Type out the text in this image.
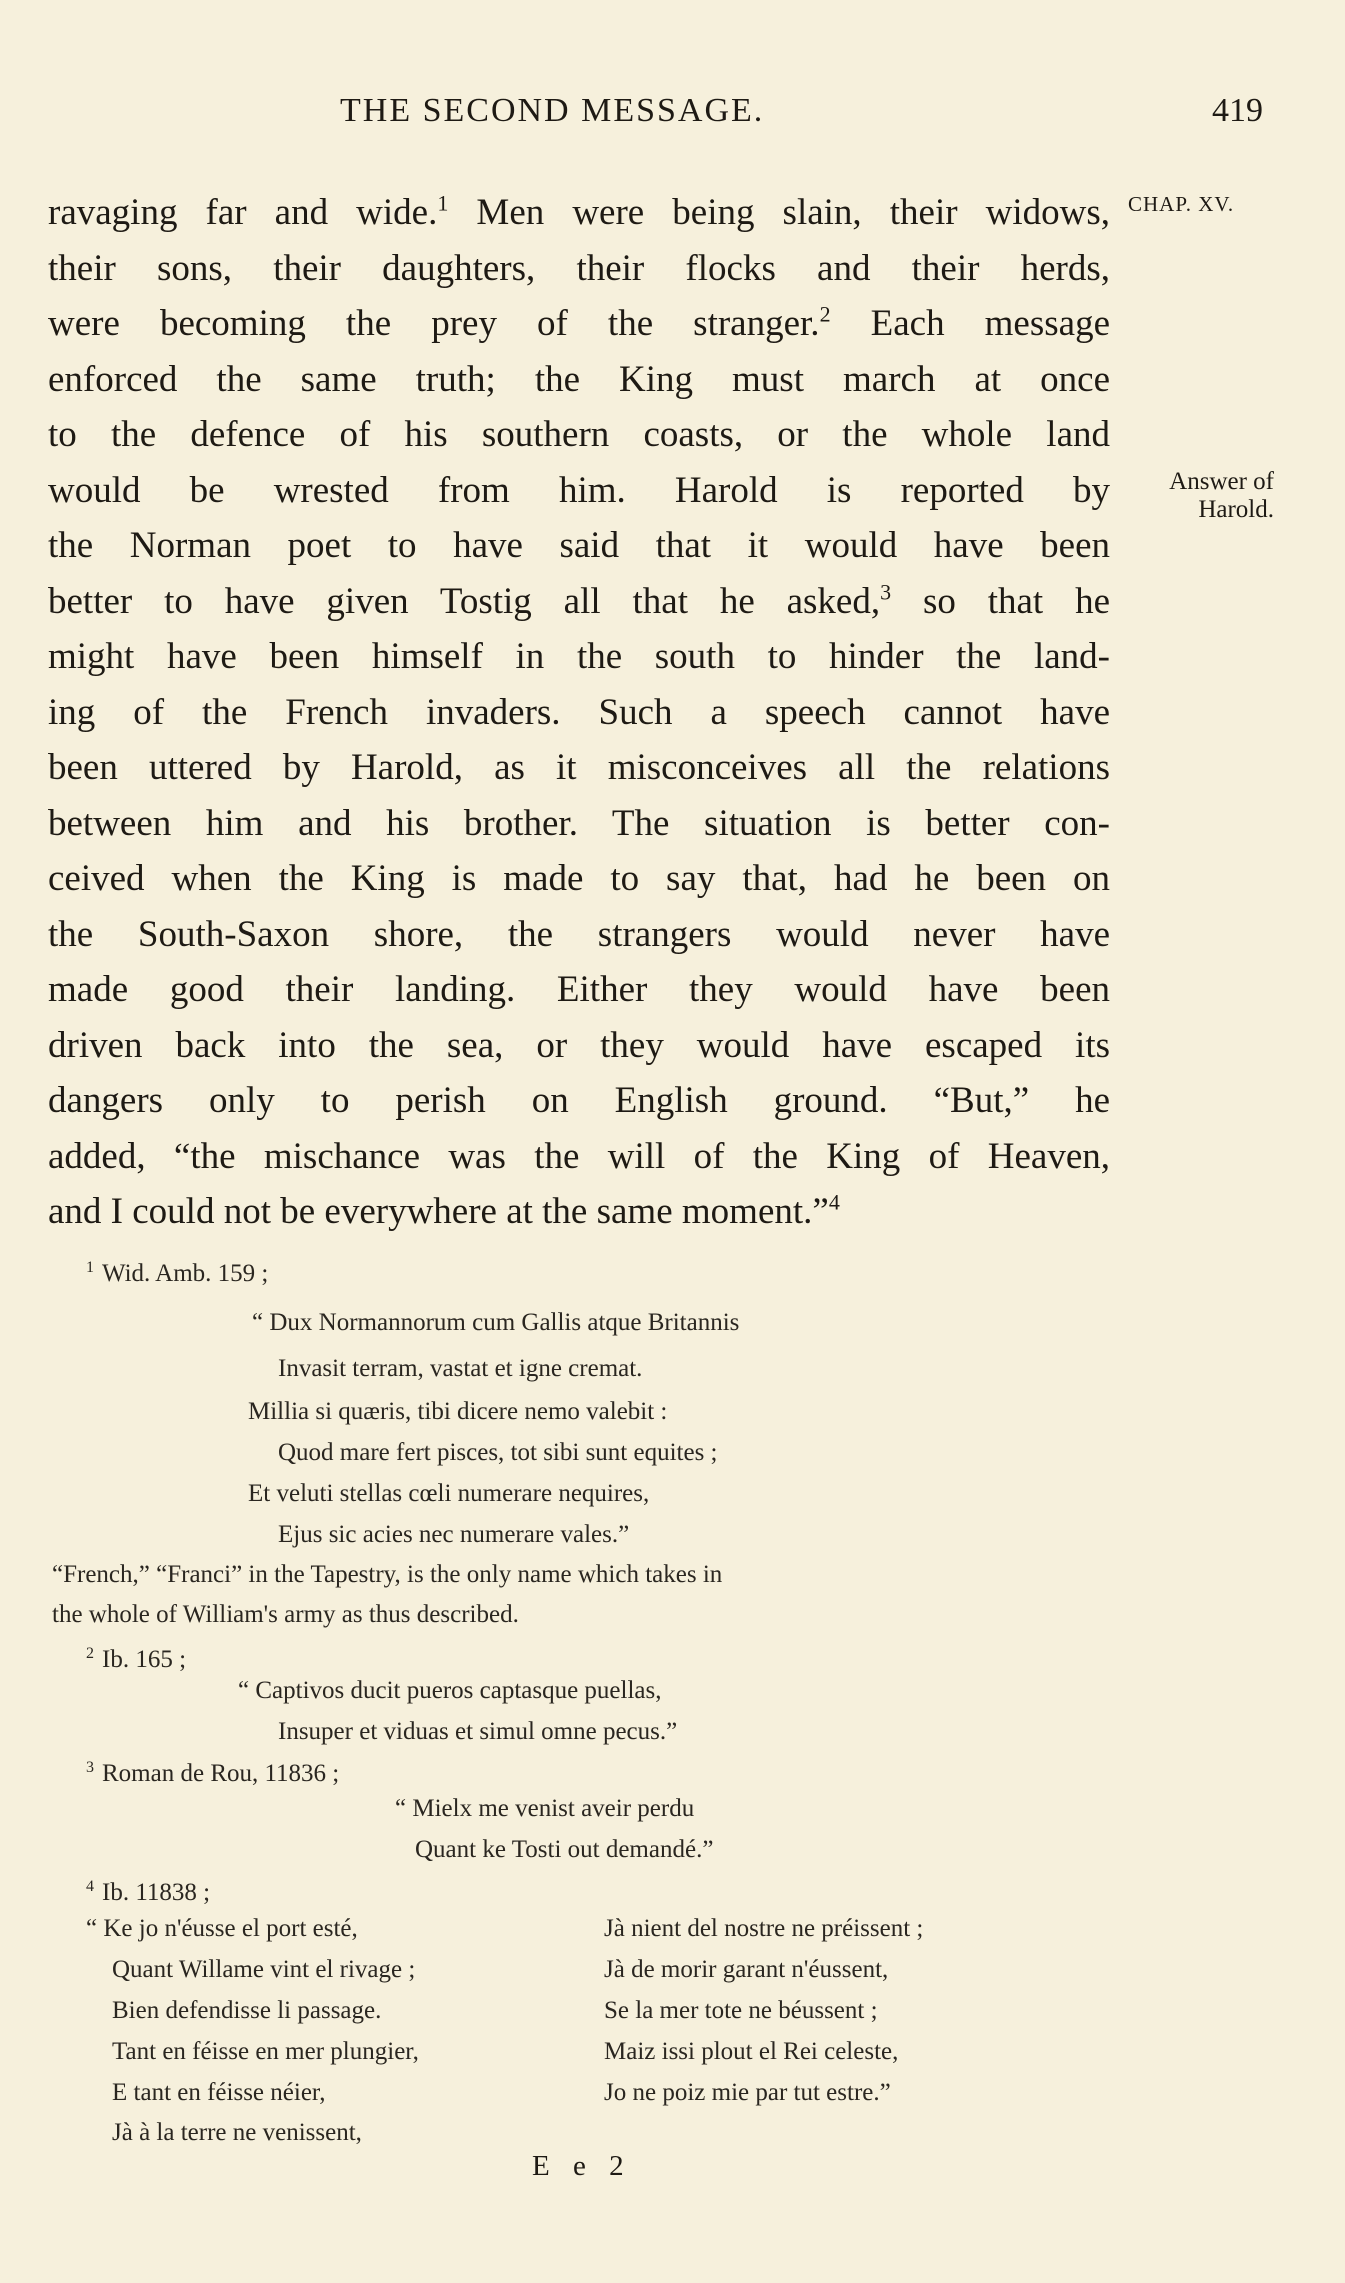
THE SECOND MESSAGE.	419
CHAP. XV.
Answer of Harold.
ravaging far and wide.$^1$ Men were being slain, their widows,
their sons, their daughters, their flocks and their herds,
were becoming the prey of the stranger.$^2$ Each message
enforced the same truth; the King must march at once
to the defence of his southern coasts, or the whole land
would be wrested from him. Harold is reported by
the Norman poet to have said that it would have been
better to have given Tostig all that he asked,$^3$ so that he
might have been himself in the south to hinder the land-
ing of the French invaders. Such a speech cannot have
been uttered by Harold, as it misconceives all the relations
between him and his brother. The situation is better con-
ceived when the King is made to say that, had he been on
the South-Saxon shore, the strangers would never have
made good their landing. Either they would have been
driven back into the sea, or they would have escaped its
dangers only to perish on English ground. “But,” he
added, “the mischance was the will of the King of Heaven,
and I could not be everywhere at the same moment.”$^4$
$^1$ Wid. Amb. 159 ;
“ Dux Normannorum cum Gallis atque Britannis
Invasit terram, vastat et igne cremat.
Millia si quæris, tibi dicere nemo valebit :
Quod mare fert pisces, tot sibi sunt equites ;
Et veluti stellas cœli numerare nequires,
Ejus sic acies nec numerare vales.”
“French,” “Franci” in the Tapestry, is the only name which takes in
the whole of William's army as thus described.
$^2$ Ib. 165 ;
“ Captivos ducit pueros captasque puellas,
Insuper et viduas et simul omne pecus.”
$^3$ Roman de Rou, 11836 ;
“ Mielx me venist aveir perdu
Quant ke Tosti out demandé.”
$^4$ Ib. 11838 ;
“ Ke jo n'éusse el port esté,
Quant Willame vint el rivage ;
Bien defendisse li passage.
Tant en féisse en mer plungier,
E tant en féisse néier,
Jà à la terre ne venissent,
Jà nient del nostre ne préissent ;
Jà de morir garant n'éussent,
Se la mer tote ne béussent ;
Maiz issi plout el Rei celeste,
Jo ne poiz mie par tut estre.”
E e 2
